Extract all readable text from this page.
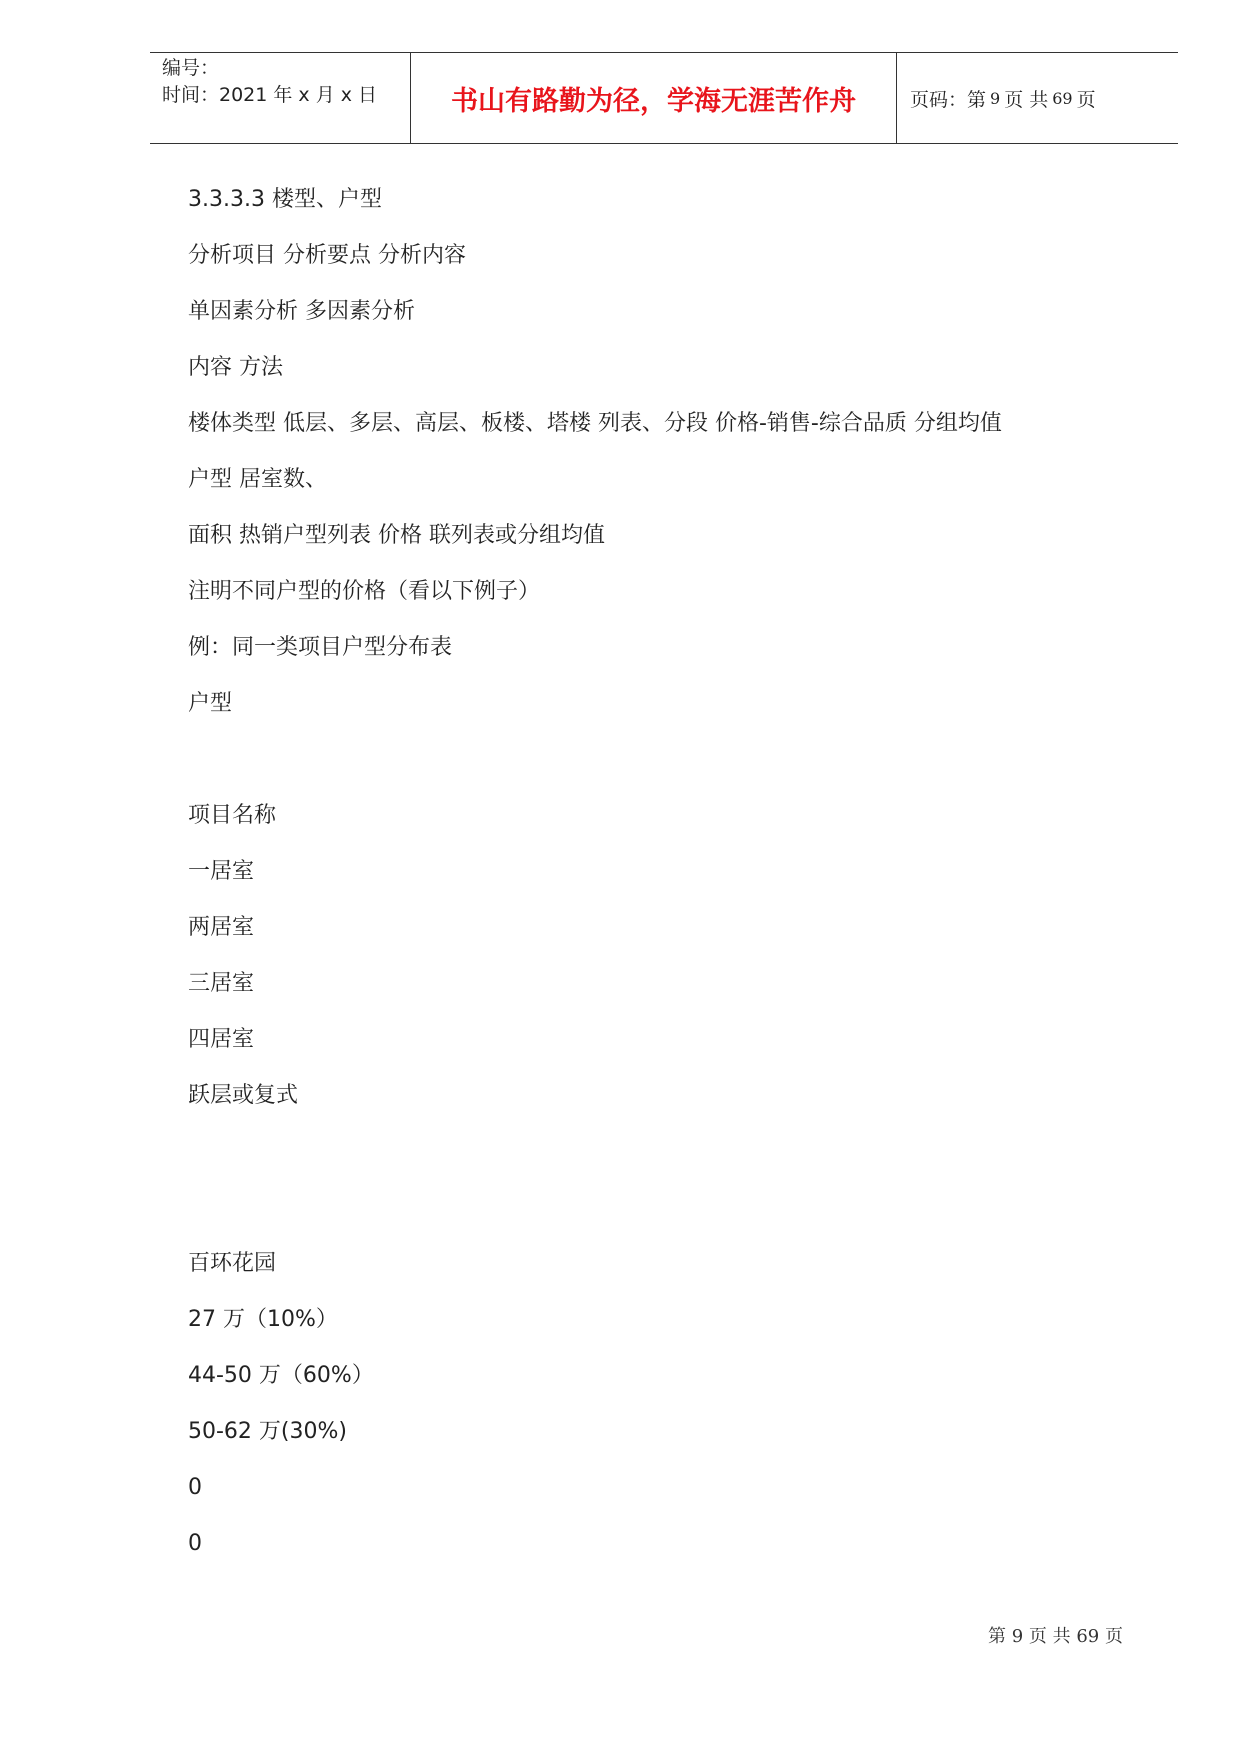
编号：
时间：2021 年 x 月 x 日	书山有路勤为径，学海无涯苦作舟	页码：第 9 页 共 69 页
3.3.3.3 楼型、户型
分析项目 分析要点 分析内容
单因素分析 多因素分析
内容 方法
楼体类型 低层、多层、高层、板楼、塔楼 列表、分段 价格-销售-综合品质 分组均值
户型 居室数、
面积 热销户型列表 价格 联列表或分组均值
注明不同户型的价格（看以下例子）
例：同一类项目户型分布表
户型
项目名称
一居室
两居室
三居室
四居室
跃层或复式
百环花园
27 万（10%）
44-50 万（60%）
50-62 万(30%)
0
0
第 9 页 共 69 页
